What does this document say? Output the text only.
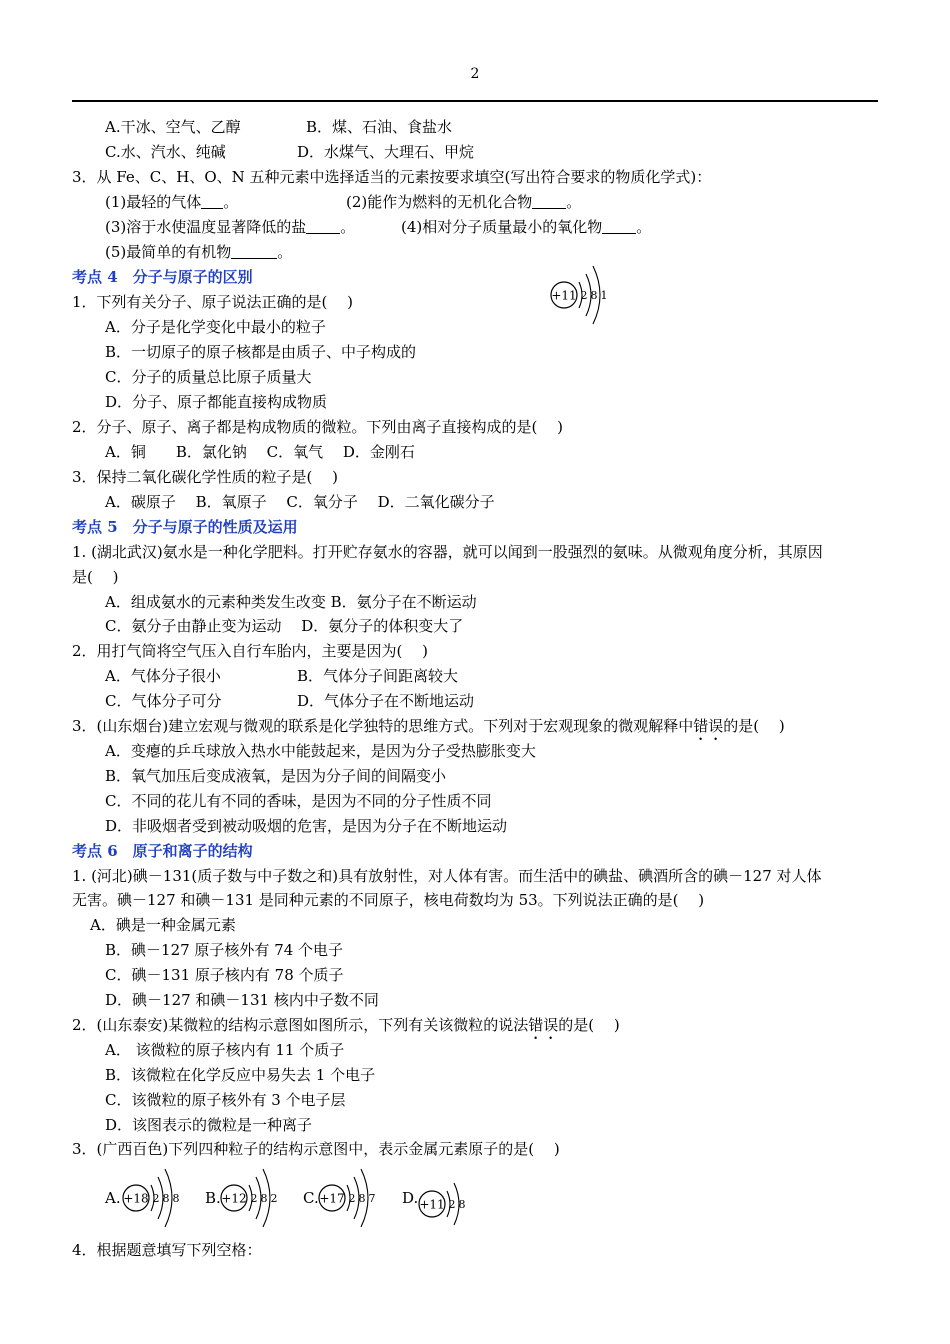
2
A.干冰、空气、乙醇	B．煤、石油、食盐水
C.水、汽水、纯碱	D．水煤气、大理石、甲烷
3．从 Fe、C、H、O、N 五种元素中选择适当的元素按要求填空(写出符合要求的物质化学式)：
(1)最轻的气体 。	(2)能作为燃料的无机化合物 。
(3)溶于水使温度显著降低的盐 。	(4)相对分子质量最小的氧化物 。
(5)最简单的有机物	。
考点 4　分子与原子的区别
1．下列有关分子、原子说法正确的是(　 )
A．分子是化学变化中最小的粒子
B．一切原子的原子核都是由质子、中子构成的
C．分子的质量总比原子质量大
D．分子、原子都能直接构成物质
2．分子、原子、离子都是构成物质的微粒。下列由离子直接构成的是(　 )
A．铜　　B．氯化钠　 C．氧气　 D．金刚石
3．保持二氧化碳化学性质的粒子是(　 )
A．碳原子　 B．氧原子　 C．氧分子　 D．二氧化碳分子
考点 5　分子与原子的性质及运用
1. (湖北武汉)氨水是一种化学肥料。打开贮存氨水的容器，就可以闻到一股强烈的氨味。从微观角度分析，其原因
是(　 )
A．组成氨水的元素种类发生改变 B．氨分子在不断运动
C．氨分子由静止变为运动　 D．氨分子的体积变大了
2．用打气筒将空气压入自行车胎内，主要是因为(　 )
A．气体分子很小	B．气体分子间距离较大
C．气体分子可分	D．气体分子在不断地运动
3．(山东烟台)建立宏观与微观的联系是化学独特的思维方式。下列对于宏观现象的微观解释中错误的是(　 )
A．变瘪的乒乓球放入热水中能鼓起来，是因为分子受热膨胀变大
B．氧气加压后变成液氧，是因为分子间的间隔变小
C．不同的花儿有不同的香味，是因为不同的分子性质不同
D．非吸烟者受到被动吸烟的危害，是因为分子在不断地运动
考点 6　原子和离子的结构
1. (河北)碘－131(质子数与中子数之和)具有放射性，对人体有害。而生活中的碘盐、碘酒所含的碘－127 对人体
无害。碘－127 和碘－131 是同种元素的不同原子，核电荷数均为 53。下列说法正确的是(　 )
A．碘是一种金属元素
B．碘－127 原子核外有 74 个电子
C．碘－131 原子核内有 78 个质子
D．碘－127 和碘－131 核内中子数不同
2．(山东泰安)某微粒的结构示意图如图所示，下列有关该微粒的说法错误的是(　 )
A． 该微粒的原子核内有 11 个质子
B．该微粒在化学反应中易失去 1 个电子
C．该微粒的原子核外有 3 个电子层
D．该图表示的微粒是一种离子
3．(广西百色)下列四种粒子的结构示意图中，表示金属元素原子的是(　 )
4．根据题意填写下列空格：
+11 2 8 1
A. +18 2 8 8 B. +12 2 8 2 C. +17 2 8 7 D. +11 2 8
